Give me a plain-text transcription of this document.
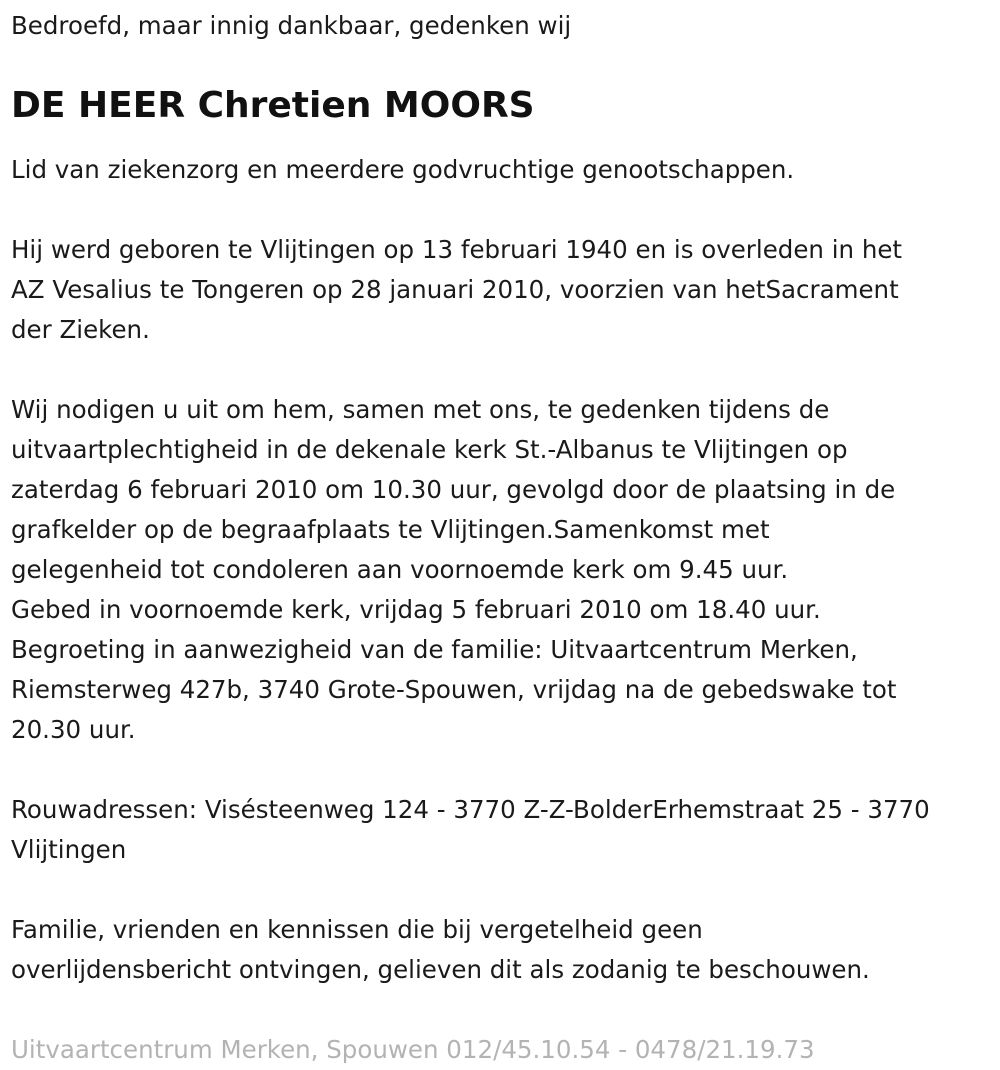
Bedroefd, maar innig dankbaar, gedenken wij

DE HEER Chretien MOORS

Lid van ziekenzorg en meerdere godvruchtige genootschappen.

Hij werd geboren te Vlijtingen op 13 februari 1940 en is overleden in het

AZ Vesalius te Tongeren op 28 januari 2010, voorzien van hetSacrament

der Zieken.

Wij nodigen u uit om hem, samen met ons, te gedenken tijdens de

uitvaartplechtigheid in de dekenale kerk St.-Albanus te Vlijtingen op

zaterdag 6 februari 2010 om 10.30 uur, gevolgd door de plaatsing in de

grafkelder op de begraafplaats te Vlijtingen.Samenkomst met

gelegenheid tot condoleren aan voornoemde kerk om 9.45 uur.

Gebed in voornoemde kerk, vrijdag 5 februari 2010 om 18.40 uur.

Begroeting in aanwezigheid van de familie: Uitvaartcentrum Merken,

Riemsterweg 427b, 3740 Grote-Spouwen, vrijdag na de gebedswake tot

20.30 uur.

Rouwadressen: Visésteenweg 124 - 3770 Z-Z-BolderErhemstraat 25 - 3770

Vlijtingen

Familie, vrienden en kennissen die bij vergetelheid geen

overlijdensbericht ontvingen, gelieven dit als zodanig te beschouwen.

Uitvaartcentrum Merken, Spouwen 012/45.10.54 - 0478/21.19.73
